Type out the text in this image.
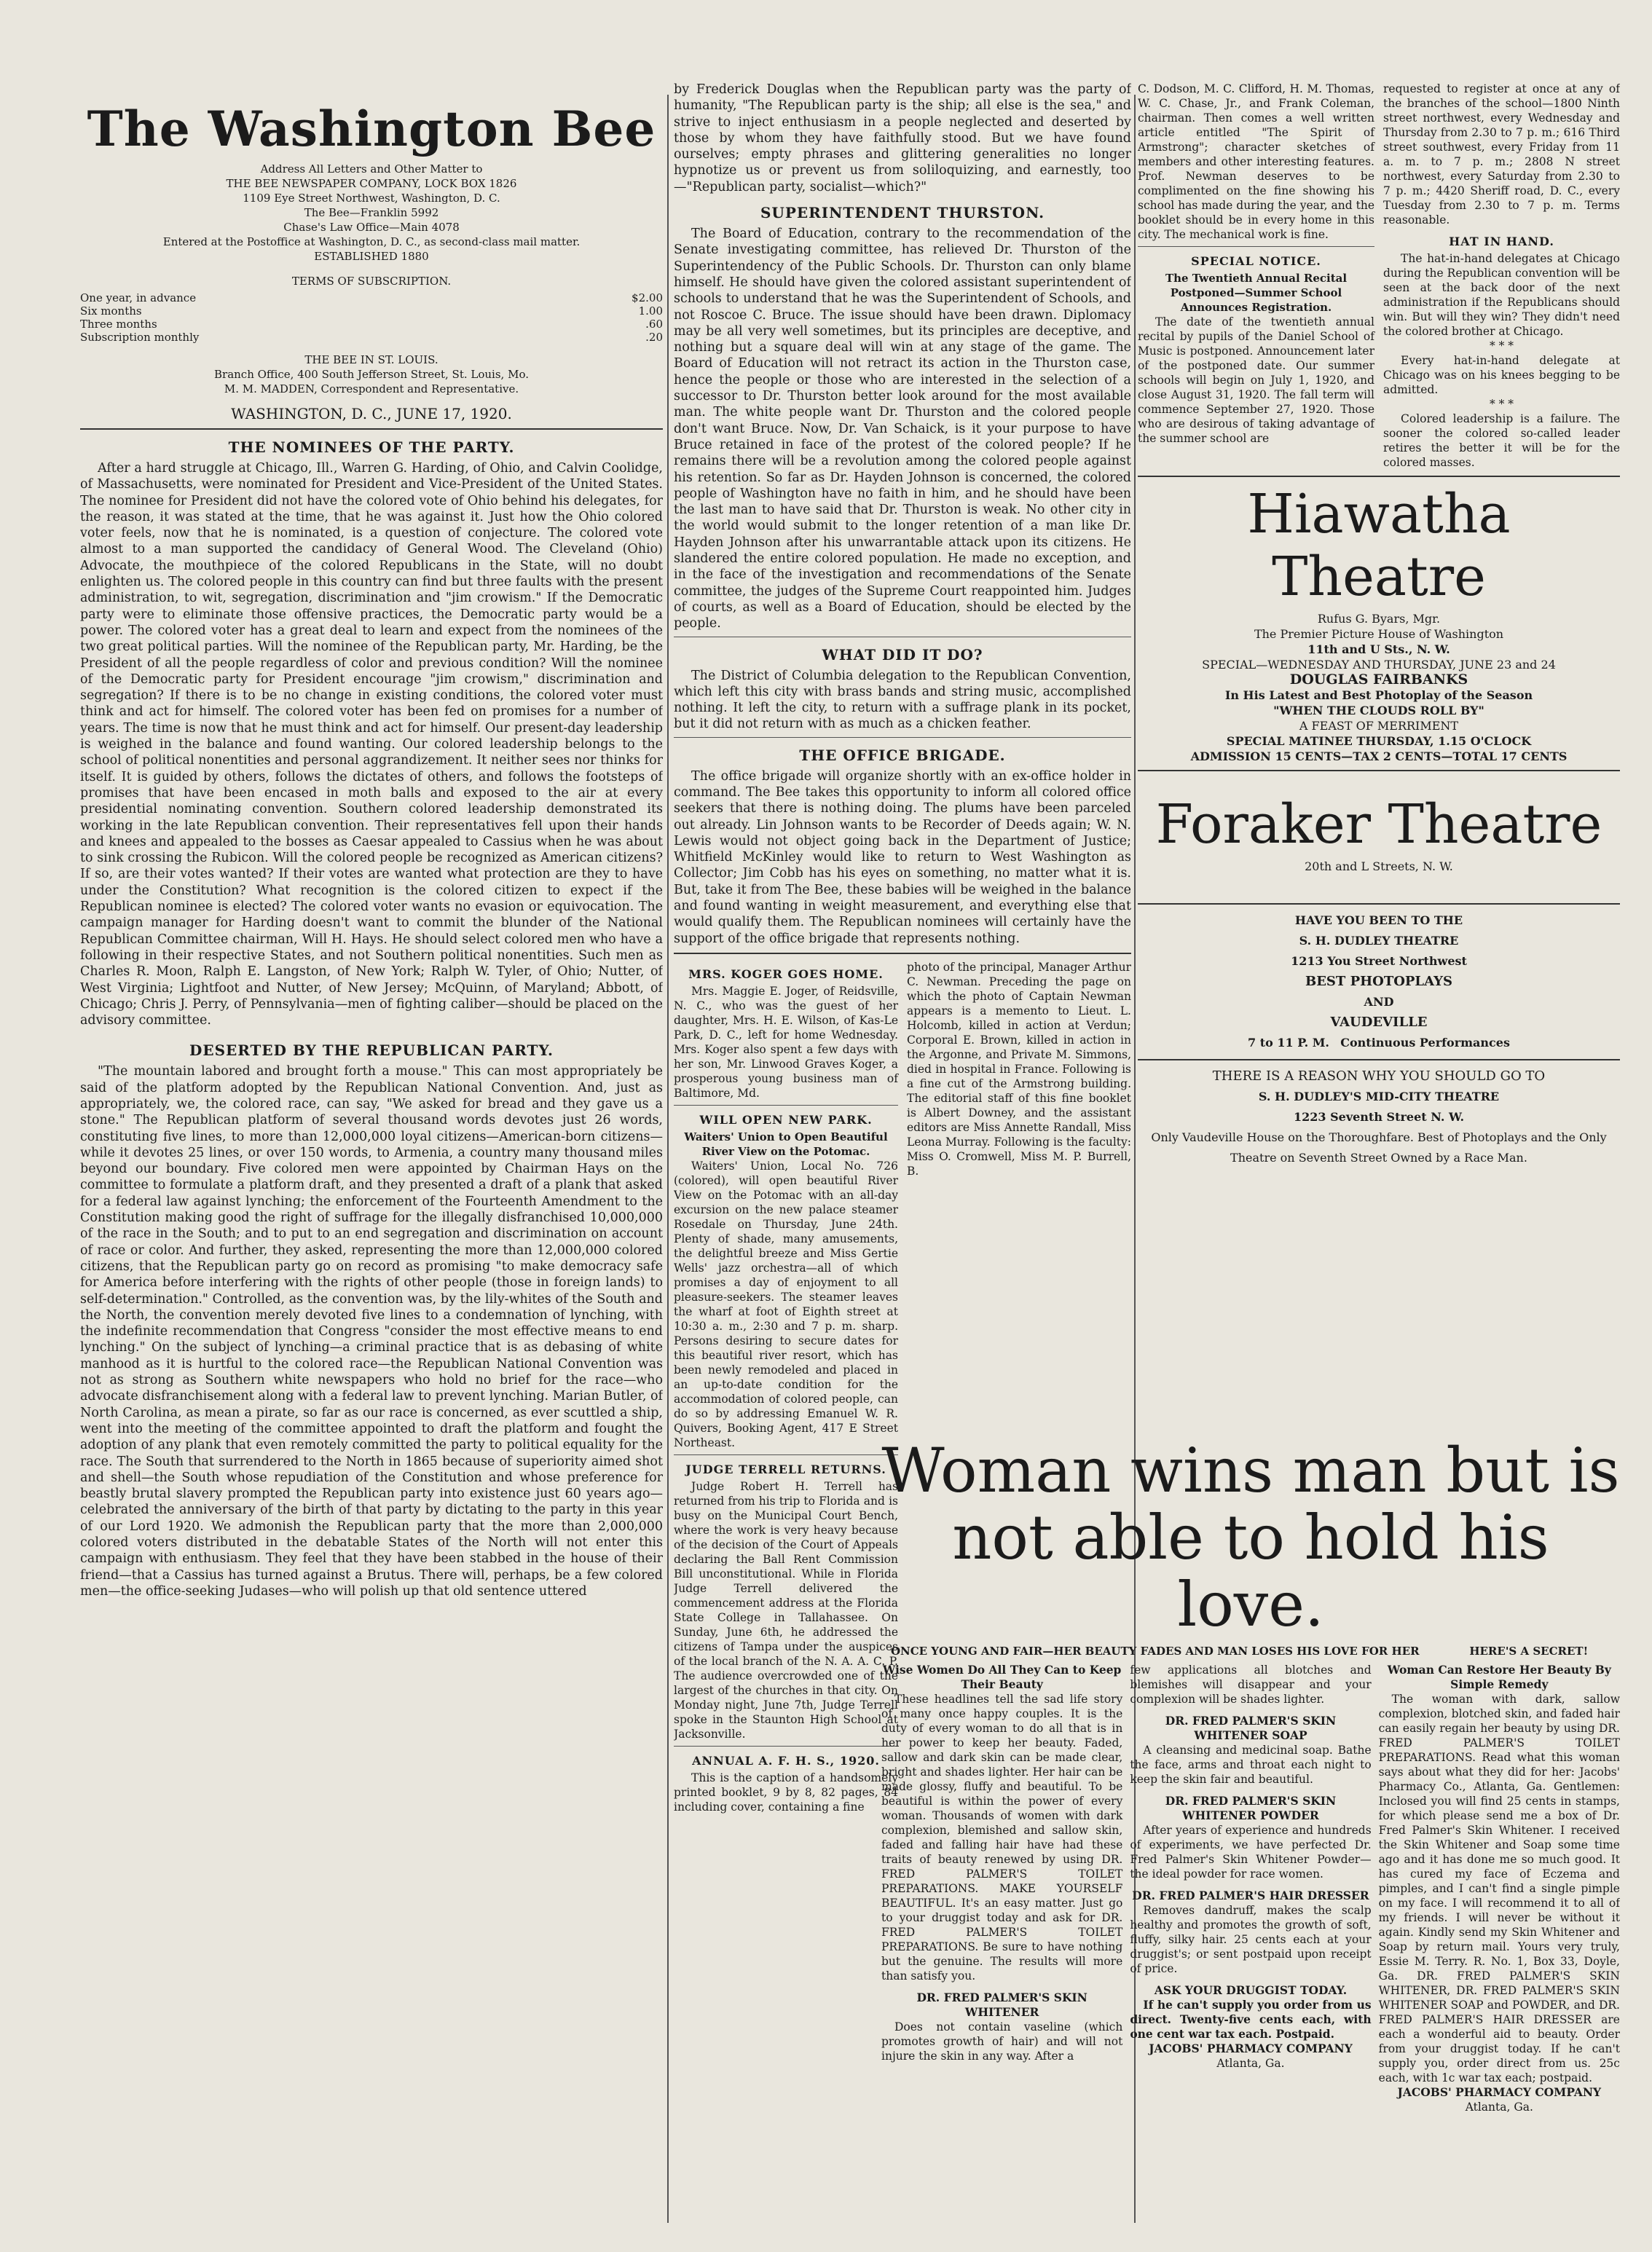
The Washington Bee
Address All Letters and Other Matter to
THE BEE NEWSPAPER COMPANY, LOCK BOX 1826
1109 Eye Street Northwest, Washington, D. C.
The Bee—Franklin 5992
Chase's Law Office—Main 4078
Entered at the Postoffice at Washington, D. C., as second-class mail matter.
ESTABLISHED 1880
TERMS OF SUBSCRIPTION.
One year, in advance	$2.00
Six months	1.00
Three months	.60
Subscription monthly	.20
THE BEE IN ST. LOUIS.
Branch Office, 400 South Jefferson Street, St. Louis, Mo.
M. M. MADDEN, Correspondent and Representative.
WASHINGTON, D. C., JUNE 17, 1920.
THE NOMINEES OF THE PARTY.

After a hard struggle at Chicago, Ill., Warren G. Harding, of Ohio, and Calvin Coolidge, of Massachusetts, were nominated for President and Vice-President of the United States. The nominee for President did not have the colored vote of Ohio behind his delegates, for the reason, it was stated at the time, that he was against it. Just how the Ohio colored voter feels, now that he is nominated, is a question of conjecture. The colored vote almost to a man supported the candidacy of General Wood. The Cleveland (Ohio) Advocate, the mouthpiece of the colored Republicans in the State, will no doubt enlighten us. The colored people in this country can find but three faults with the present administration, to wit, segregation, discrimination and "jim crowism." If the Democratic party were to eliminate those offensive practices, the Democratic party would be a power. The colored voter has a great deal to learn and expect from the nominees of the two great political parties. Will the nominee of the Republican party, Mr. Harding, be the President of all the people regardless of color and previous condition? Will the nominee of the Democratic party for President encourage "jim crowism," discrimination and segregation? If there is to be no change in existing conditions, the colored voter must think and act for himself. The colored voter has been fed on promises for a number of years. The time is now that he must think and act for himself. Our present-day leadership is weighed in the balance and found wanting. Our colored leadership belongs to the school of political nonentities and personal aggrandizement. It neither sees nor thinks for itself. It is guided by others, follows the dictates of others, and follows the footsteps of promises that have been encased in moth balls and exposed to the air at every presidential nominating convention. Southern colored leadership demonstrated its working in the late Republican convention. Their representatives fell upon their hands and knees and appealed to the bosses as Caesar appealed to Cassius when he was about to sink crossing the Rubicon. Will the colored people be recognized as American citizens? If so, are their votes wanted? If their votes are wanted what protection are they to have under the Constitution? What recognition is the colored citizen to expect if the Republican nominee is elected? The colored voter wants no evasion or equivocation. The campaign manager for Harding doesn't want to commit the blunder of the National Republican Committee chairman, Will H. Hays. He should select colored men who have a following in their respective States, and not Southern political nonentities. Such men as Charles R. Moon, Ralph E. Langston, of New York; Ralph W. Tyler, of Ohio; Nutter, of West Virginia; Lightfoot and Nutter, of New Jersey; McQuinn, of Maryland; Abbott, of Chicago; Chris J. Perry, of Pennsylvania—men of fighting caliber—should be placed on the advisory committee.

DESERTED BY THE REPUBLICAN PARTY.

"The mountain labored and brought forth a mouse." This can most appropriately be said of the platform adopted by the Republican National Convention. And, just as appropriately, we, the colored race, can say, "We asked for bread and they gave us a stone." The Republican platform of several thousand words devotes just 26 words, constituting five lines, to more than 12,000,000 loyal citizens—American-born citizens—while it devotes 25 lines, or over 150 words, to Armenia, a country many thousand miles beyond our boundary. Five colored men were appointed by Chairman Hays on the committee to formulate a platform draft, and they presented a draft of a plank that asked for a federal law against lynching; the enforcement of the Fourteenth Amendment to the Constitution making good the right of suffrage for the illegally disfranchised 10,000,000 of the race in the South; and to put to an end segregation and discrimination on account of race or color. And further, they asked, representing the more than 12,000,000 colored citizens, that the Republican party go on record as promising "to make democracy safe for America before interfering with the rights of other people (those in foreign lands) to self-determination." Controlled, as the convention was, by the lily-whites of the South and the North, the convention merely devoted five lines to a condemnation of lynching, with the indefinite recommendation that Congress "consider the most effective means to end lynching." On the subject of lynching—a criminal practice that is as debasing of white manhood as it is hurtful to the colored race—the Republican National Convention was not as strong as Southern white newspapers who hold no brief for the race—who advocate disfranchisement along with a federal law to prevent lynching. Marian Butler, of North Carolina, as mean a pirate, so far as our race is concerned, as ever scuttled a ship, went into the meeting of the committee appointed to draft the platform and fought the adoption of any plank that even remotely committed the party to political equality for the race. The South that surrendered to the North in 1865 because of superiority aimed shot and shell—the South whose repudiation of the Constitution and whose preference for beastly brutal slavery prompted the Republican party into existence just 60 years ago—celebrated the anniversary of the birth of that party by dictating to the party in this year of our Lord 1920. We admonish the Republican party that the more than 2,000,000 colored voters distributed in the debatable States of the North will not enter this campaign with enthusiasm. They feel that they have been stabbed in the house of their friend—that a Cassius has turned against a Brutus. There will, perhaps, be a few colored men—the office-seeking Judases—who will polish up that old sentence uttered

by Frederick Douglas when the Republican party was the party of humanity, "The Republican party is the ship; all else is the sea," and strive to inject enthusiasm in a people neglected and deserted by those by whom they have faithfully stood. But we have found ourselves; empty phrases and glittering generalities no longer hypnotize us or prevent us from soliloquizing, and earnestly, too—"Republican party, socialist—which?"

SUPERINTENDENT THURSTON.

The Board of Education, contrary to the recommendation of the Senate investigating committee, has relieved Dr. Thurston of the Superintendency of the Public Schools. Dr. Thurston can only blame himself. He should have given the colored assistant superintendent of schools to understand that he was the Superintendent of Schools, and not Roscoe C. Bruce. The issue should have been drawn. Diplomacy may be all very well sometimes, but its principles are deceptive, and nothing but a square deal will win at any stage of the game. The Board of Education will not retract its action in the Thurston case, hence the people or those who are interested in the selection of a successor to Dr. Thurston better look around for the most available man. The white people want Dr. Thurston and the colored people don't want Bruce. Now, Dr. Van Schaick, is it your purpose to have Bruce retained in face of the protest of the colored people? If he remains there will be a revolution among the colored people against his retention. So far as Dr. Hayden Johnson is concerned, the colored people of Washington have no faith in him, and he should have been the last man to have said that Dr. Thurston is weak. No other city in the world would submit to the longer retention of a man like Dr. Hayden Johnson after his unwarrantable attack upon its citizens. He slandered the entire colored population. He made no exception, and in the face of the investigation and recommendations of the Senate committee, the judges of the Supreme Court reappointed him. Judges of courts, as well as a Board of Education, should be elected by the people.

WHAT DID IT DO?

The District of Columbia delegation to the Republican Convention, which left this city with brass bands and string music, accomplished nothing. It left the city, to return with a suffrage plank in its pocket, but it did not return with as much as a chicken feather.

THE OFFICE BRIGADE.

The office brigade will organize shortly with an ex-office holder in command. The Bee takes this opportunity to inform all colored office seekers that there is nothing doing. The plums have been parceled out already. Lin Johnson wants to be Recorder of Deeds again; W. N. Lewis would not object going back in the Department of Justice; Whitfield McKinley would like to return to West Washington as Collector; Jim Cobb has his eyes on something, no matter what it is. But, take it from The Bee, these babies will be weighed in the balance and found wanting in weight measurement, and everything else that would qualify them. The Republican nominees will certainly have the support of the office brigade that represents nothing.

MRS. KOGER GOES HOME.

Mrs. Maggie E. Joger, of Reidsville, N. C., who was the guest of her daughter, Mrs. H. E. Wilson, of Kas-Le Park, D. C., left for home Wednesday. Mrs. Koger also spent a few days with her son, Mr. Linwood Graves Koger, a prosperous young business man of Baltimore, Md.

WILL OPEN NEW PARK.
Waiters' Union to Open Beautiful River View on the Potomac.

Waiters' Union, Local No. 726 (colored), will open beautiful River View on the Potomac with an all-day excursion on the new palace steamer Rosedale on Thursday, June 24th. Plenty of shade, many amusements, the delightful breeze and Miss Gertie Wells' jazz orchestra—all of which promises a day of enjoyment to all pleasure-seekers. The steamer leaves the wharf at foot of Eighth street at 10:30 a. m., 2:30 and 7 p. m. sharp. Persons desiring to secure dates for this beautiful river resort, which has been newly remodeled and placed in an up-to-date condition for the accommodation of colored people, can do so by addressing Emanuel W. R. Quivers, Booking Agent, 417 E Street Northeast.

JUDGE TERRELL RETURNS.

Judge Robert H. Terrell has returned from his trip to Florida and is busy on the Municipal Court Bench, where the work is very heavy because of the decision of the Court of Appeals declaring the Ball Rent Commission Bill unconstitutional. While in Florida Judge Terrell delivered the commencement address at the Florida State College in Tallahassee. On Sunday, June 6th, he addressed the citizens of Tampa under the auspices of the local branch of the N. A. A. C. P. The audience overcrowded one of the largest of the churches in that city. On Monday night, June 7th, Judge Terrell spoke in the Staunton High School at Jacksonville.

ANNUAL A. F. H. S., 1920.

This is the caption of a handsomely printed booklet, 9 by 8, 82 pages, 84 including cover, containing a fine

photo of the principal, Manager Arthur C. Newman. Preceding the page on which the photo of Captain Newman appears is a memento to Lieut. L. Holcomb, killed in action at Verdun; Corporal E. Brown, killed in action in the Argonne, and Private M. Simmons, died in hospital in France. Following is a fine cut of the Armstrong building. The editorial staff of this fine booklet is Albert Downey, and the assistant editors are Miss Annette Randall, Miss Leona Murray. Following is the faculty: Miss O. Cromwell, Miss M. P. Burrell, B.

C. Dodson, M. C. Clifford, H. M. Thomas, W. C. Chase, Jr., and Frank Coleman, chairman. Then comes a well written article entitled "The Spirit of Armstrong"; character sketches of members and other interesting features. Prof. Newman deserves to be complimented on the fine showing his school has made during the year, and the booklet should be in every home in this city. The mechanical work is fine.

SPECIAL NOTICE.
The Twentieth Annual Recital Postponed—Summer School Announces Registration.

The date of the twentieth annual recital by pupils of the Daniel School of Music is postponed. Announcement later of the postponed date. Our summer schools will begin on July 1, 1920, and close August 31, 1920. The fall term will commence September 27, 1920. Those who are desirous of taking advantage of the summer school are

requested to register at once at any of the branches of the school—1800 Ninth street northwest, every Wednesday and Thursday from 2.30 to 7 p. m.; 616 Third street southwest, every Friday from 11 a. m. to 7 p. m.; 2808 N street northwest, every Saturday from 2.30 to 7 p. m.; 4420 Sheriff road, D. C., every Tuesday from 2.30 to 7 p. m. Terms reasonable.

HAT IN HAND.

The hat-in-hand delegates at Chicago during the Republican convention will be seen at the back door of the next administration if the Republicans should win. But will they win? They didn't need the colored brother at Chicago.

* * *

Every hat-in-hand delegate at Chicago was on his knees begging to be admitted.

* * *

Colored leadership is a failure. The sooner the colored so-called leader retires the better it will be for the colored masses.

Hiawatha Theatre
Rufus G. Byars, Mgr.
The Premier Picture House of Washington
11th and U Sts., N. W.
SPECIAL—WEDNESDAY AND THURSDAY, JUNE 23 and 24
DOUGLAS FAIRBANKS
In His Latest and Best Photoplay of the Season
"WHEN THE CLOUDS ROLL BY"
A FEAST OF MERRIMENT
SPECIAL MATINEE THURSDAY, 1.15 O'CLOCK
ADMISSION 15 CENTS—TAX 2 CENTS—TOTAL 17 CENTS
Foraker Theatre
20th and L Streets, N. W.
HAVE YOU BEEN TO THE
S. H. DUDLEY THEATRE
1213 You Street Northwest
BEST PHOTOPLAYS
AND
VAUDEVILLE
7 to 11 P. M. Continuous Performances
THERE IS A REASON WHY YOU SHOULD GO TO
S. H. DUDLEY'S MID-CITY THEATRE
1223 Seventh Street N. W.
Only Vaudeville House on the Thoroughfare. Best of Photoplays and the Only Theatre on Seventh Street Owned by a Race Man.
Woman wins man but is not able to hold his love.
ONCE YOUNG AND FAIR—HER BEAUTY FADES AND MAN LOSES HIS LOVE FOR HER	HERE'S A SECRET!
Wise Women Do All They Can to Keep Their Beauty

These headlines tell the sad life story of many once happy couples. It is the duty of every woman to do all that is in her power to keep her beauty. Faded, sallow and dark skin can be made clear, bright and shades lighter. Her hair can be made glossy, fluffy and beautiful. To be beautiful is within the power of every woman. Thousands of women with dark complexion, blemished and sallow skin, faded and falling hair have had these traits of beauty renewed by using DR. FRED PALMER'S TOILET PREPARATIONS. MAKE YOURSELF BEAUTIFUL. It's an easy matter. Just go to your druggist today and ask for DR. FRED PALMER'S TOILET PREPARATIONS. Be sure to have nothing but the genuine. The results will more than satisfy you.

DR. FRED PALMER'S SKIN WHITENER

Does not contain vaseline (which promotes growth of hair) and will not injure the skin in any way. After a

few applications all blotches and blemishes will disappear and your complexion will be shades lighter.

DR. FRED PALMER'S SKIN WHITENER SOAP

A cleansing and medicinal soap. Bathe the face, arms and throat each night to keep the skin fair and beautiful.

DR. FRED PALMER'S SKIN WHITENER POWDER

After years of experience and hundreds of experiments, we have perfected Dr. Fred Palmer's Skin Whitener Powder—the ideal powder for race women.

DR. FRED PALMER'S HAIR DRESSER

Removes dandruff, makes the scalp healthy and promotes the growth of soft, fluffy, silky hair. 25 cents each at your druggist's; or sent postpaid upon receipt of price.

ASK YOUR DRUGGIST TODAY.

If he can't supply you order from us direct. Twenty-five cents each, with one cent war tax each. Postpaid.

JACOBS' PHARMACY COMPANY
Atlanta, Ga.
Woman Can Restore Her Beauty By Simple Remedy

The woman with dark, sallow complexion, blotched skin, and faded hair can easily regain her beauty by using DR. FRED PALMER'S TOILET PREPARATIONS. Read what this woman says about what they did for her: Jacobs' Pharmacy Co., Atlanta, Ga. Gentlemen: Inclosed you will find 25 cents in stamps, for which please send me a box of Dr. Fred Palmer's Skin Whitener. I received the Skin Whitener and Soap some time ago and it has done me so much good. It has cured my face of Eczema and pimples, and I can't find a single pimple on my face. I will recommend it to all of my friends. I will never be without it again. Kindly send my Skin Whitener and Soap by return mail. Yours very truly, Essie M. Terry. R. No. 1, Box 33, Doyle, Ga. DR. FRED PALMER'S SKIN WHITENER, DR. FRED PALMER'S SKIN WHITENER SOAP and POWDER, and DR. FRED PALMER'S HAIR DRESSER are each a wonderful aid to beauty. Order from your druggist today. If he can't supply you, order direct from us. 25c each, with 1c war tax each; postpaid.

JACOBS' PHARMACY COMPANY
Atlanta, Ga.
